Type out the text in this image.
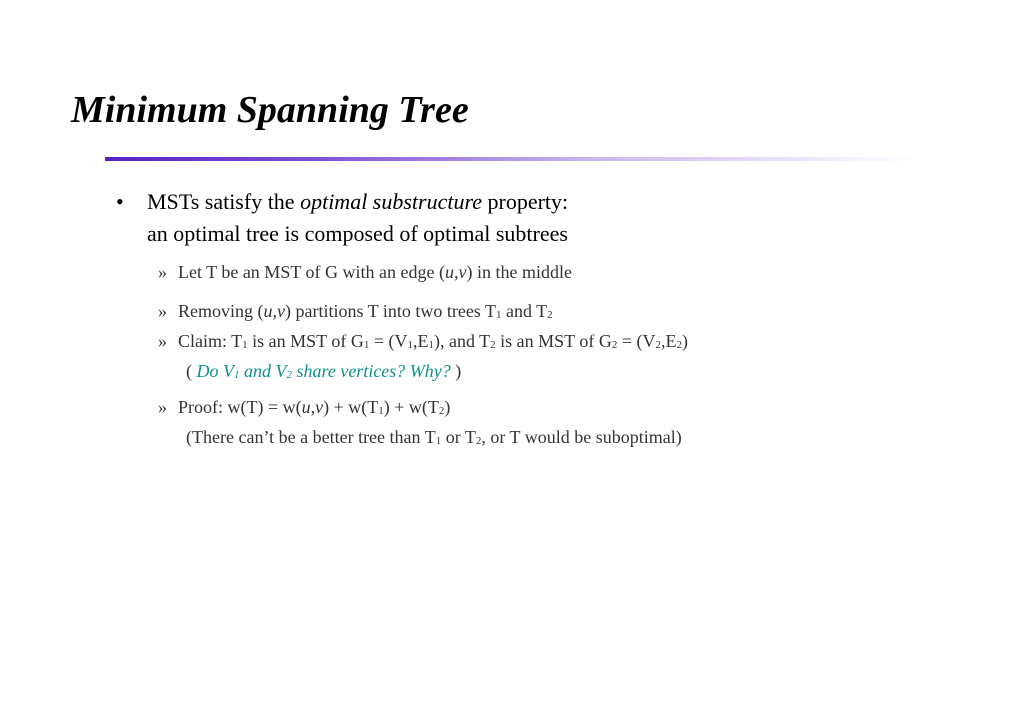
Minimum Spanning Tree
• MSTs satisfy the optimal substructure property:
an optimal tree is composed of optimal subtrees
» Let T be an MST of G with an edge (u,v) in the middle
» Removing (u,v) partitions T into two trees $T_1$ and $T_2$
» Claim: $T_1$ is an MST of $G_1 = (V_1,E_1)$, and $T_2$ is an MST of $G_2 = (V_2,E_2)$
( Do $V_1$ and $V_2$ share vertices? Why? )
» Proof: $w(T) = w(u,v) + w(T_1) + w(T_2)$
(There can’t be a better tree than $T_1$ or $T_2$, or T would be suboptimal)
